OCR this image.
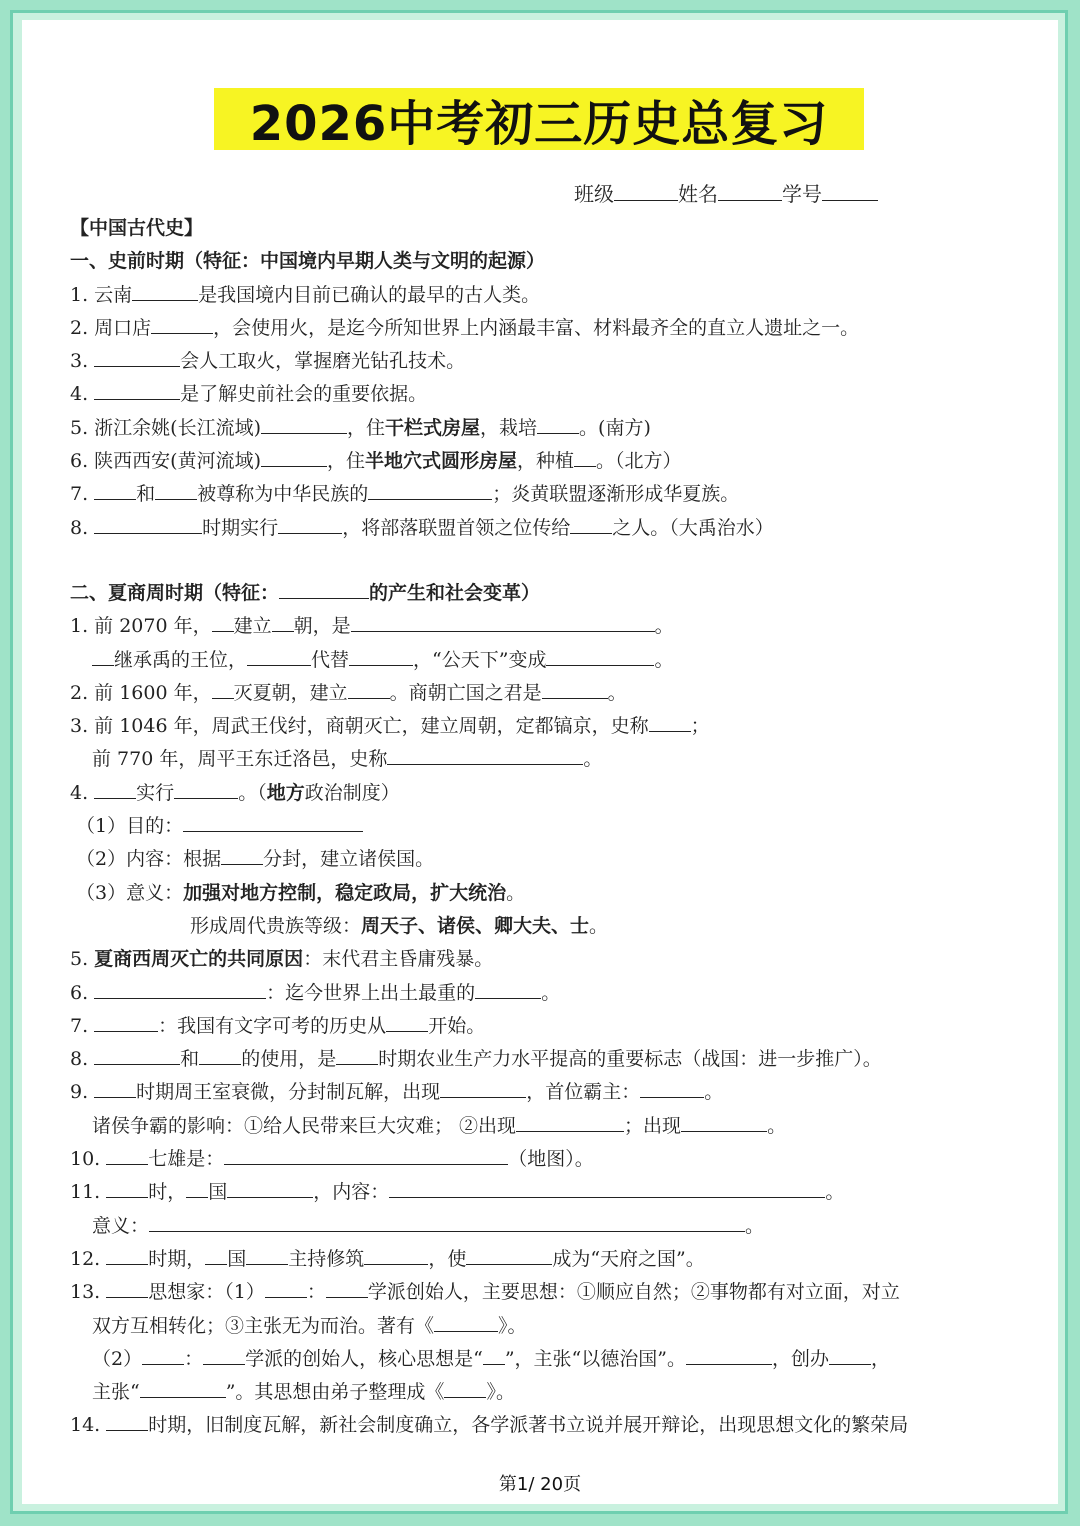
2026中考初三历史总复习
班级	姓名	学号
【中国古代史】
一、史前时期（特征：中国境内早期人类与文明的起源）
1. 云南	是我国境内目前已确认的最早的古人类。
2. 周口店	，会使用火，是迄今所知世界上内涵最丰富、材料最齐全的直立人遗址之一。
3.	会人工取火，掌握磨光钻孔技术。
4.	是了解史前社会的重要依据。
5. 浙江余姚(长江流域)	，住干栏式房屋，栽培 。(南方)
6. 陕西西安(黄河流域)	，住半地穴式圆形房屋，种植 。（北方）
7. 和 被尊称为中华民族的	；炎黄联盟逐渐形成华夏族。
8.	时期实行	，将部落联盟首领之位传给 之人。（大禹治水）
二、夏商周时期（特征：	的产生和社会变革）
1. 前 2070 年， 建立 朝，是	。
继承禹的王位，	代替	，“公天下”变成	。
2. 前 1600 年， 灭夏朝，建立 。商朝亡国之君是	。
3. 前 1046 年，周武王伐纣，商朝灭亡，建立周朝，定都镐京，史称 ；
前 770 年，周平王东迁洛邑，史称	。
4. 实行	。（地方政治制度）
（1）目的：
（2）内容：根据 分封，建立诸侯国。
（3）意义：加强对地方控制，稳定政局，扩大统治。
形成周代贵族等级：周天子、诸侯、卿大夫、士。
5. 夏商西周灭亡的共同原因：末代君主昏庸残暴。
6.	：迄今世界上出土最重的	。
7.	：我国有文字可考的历史从 开始。
8.	和 的使用，是 时期农业生产力水平提高的重要标志（战国：进一步推广）。
9. 时期周王室衰微，分封制瓦解，出现	，首位霸主：	。
诸侯争霸的影响：①给人民带来巨大灾难； ②出现	；出现	。
10. 七雄是：	（地图）。
11. 时， 国	，内容：	。
意义：	。
12. 时期， 国 主持修筑	，使	成为“天府之国”。
13. 思想家：（1） ： 学派创始人，主要思想：①顺应自然；②事物都有对立面，对立
双方互相转化；③主张无为而治。著有《	》。
（2） ： 学派的创始人，核心思想是“ ”，主张“以德治国”。	，创办 ，
主张“	”。其思想由弟子整理成《 》。
14. 时期，旧制度瓦解，新社会制度确立，各学派著书立说并展开辩论，出现思想文化的繁荣局
第1/ 20页
